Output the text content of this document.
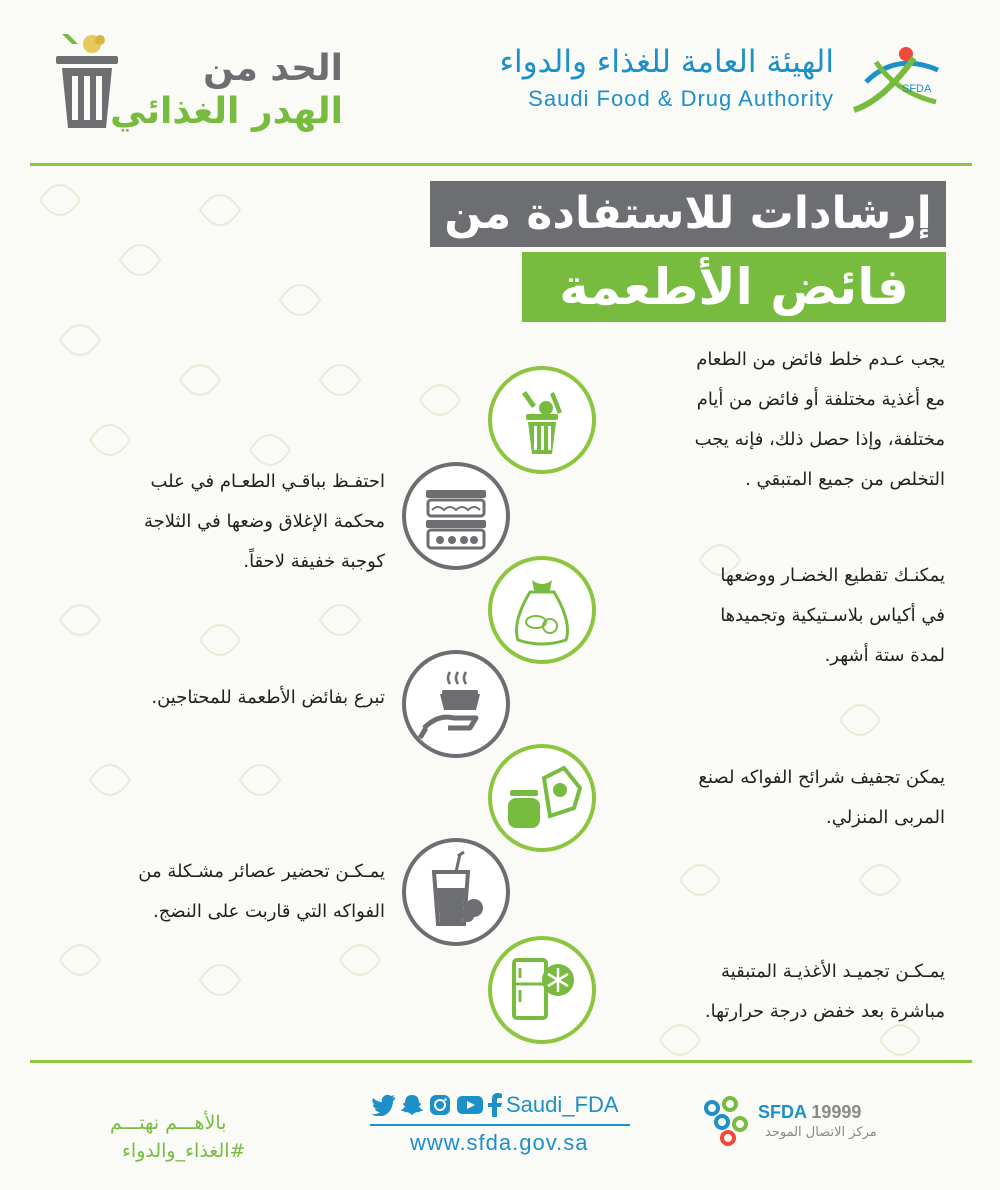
الحد من
الهدر الغذائي
الهيئة العامة للغذاء والدواء
Saudi Food & Drug Authority	SFDA
إرشادات للاستفادة من
فائض الأطعمة
يجب عـدم خلط فائض من الطعام
مع أغذية مختلفة أو فائض من أيام
مختلفة، وإذا حصل ذلك، فإنه يجب
التخلص من جميع المتبقي .
احتفـظ بباقـي الطعـام في علب
محكمة الإغلاق وضعها في الثلاجة
كوجبة خفيفة لاحقاً.
يمكنـك تقطيع الخضـار ووضعها
في أكياس بلاسـتيكية وتجميدها
لمدة ستة أشهر.
تبرع بفائض الأطعمة للمحتاجين.
يمكن تجفيف شرائح الفواكه لصنع
المربى المنزلي.
يمـكـن تحضير عصائر مشـكلة من
الفواكه التي قاربت على النضج.
يمـكـن تجميـد الأغذيـة المتبقية
مباشرة بعد خفض درجة حرارتها.
بالأهـــم نهتـــم
#الغذاء_والدواء
Saudi_FDA
www.sfda.gov.sa
SFDA 19999
مركز الاتصال الموحد
